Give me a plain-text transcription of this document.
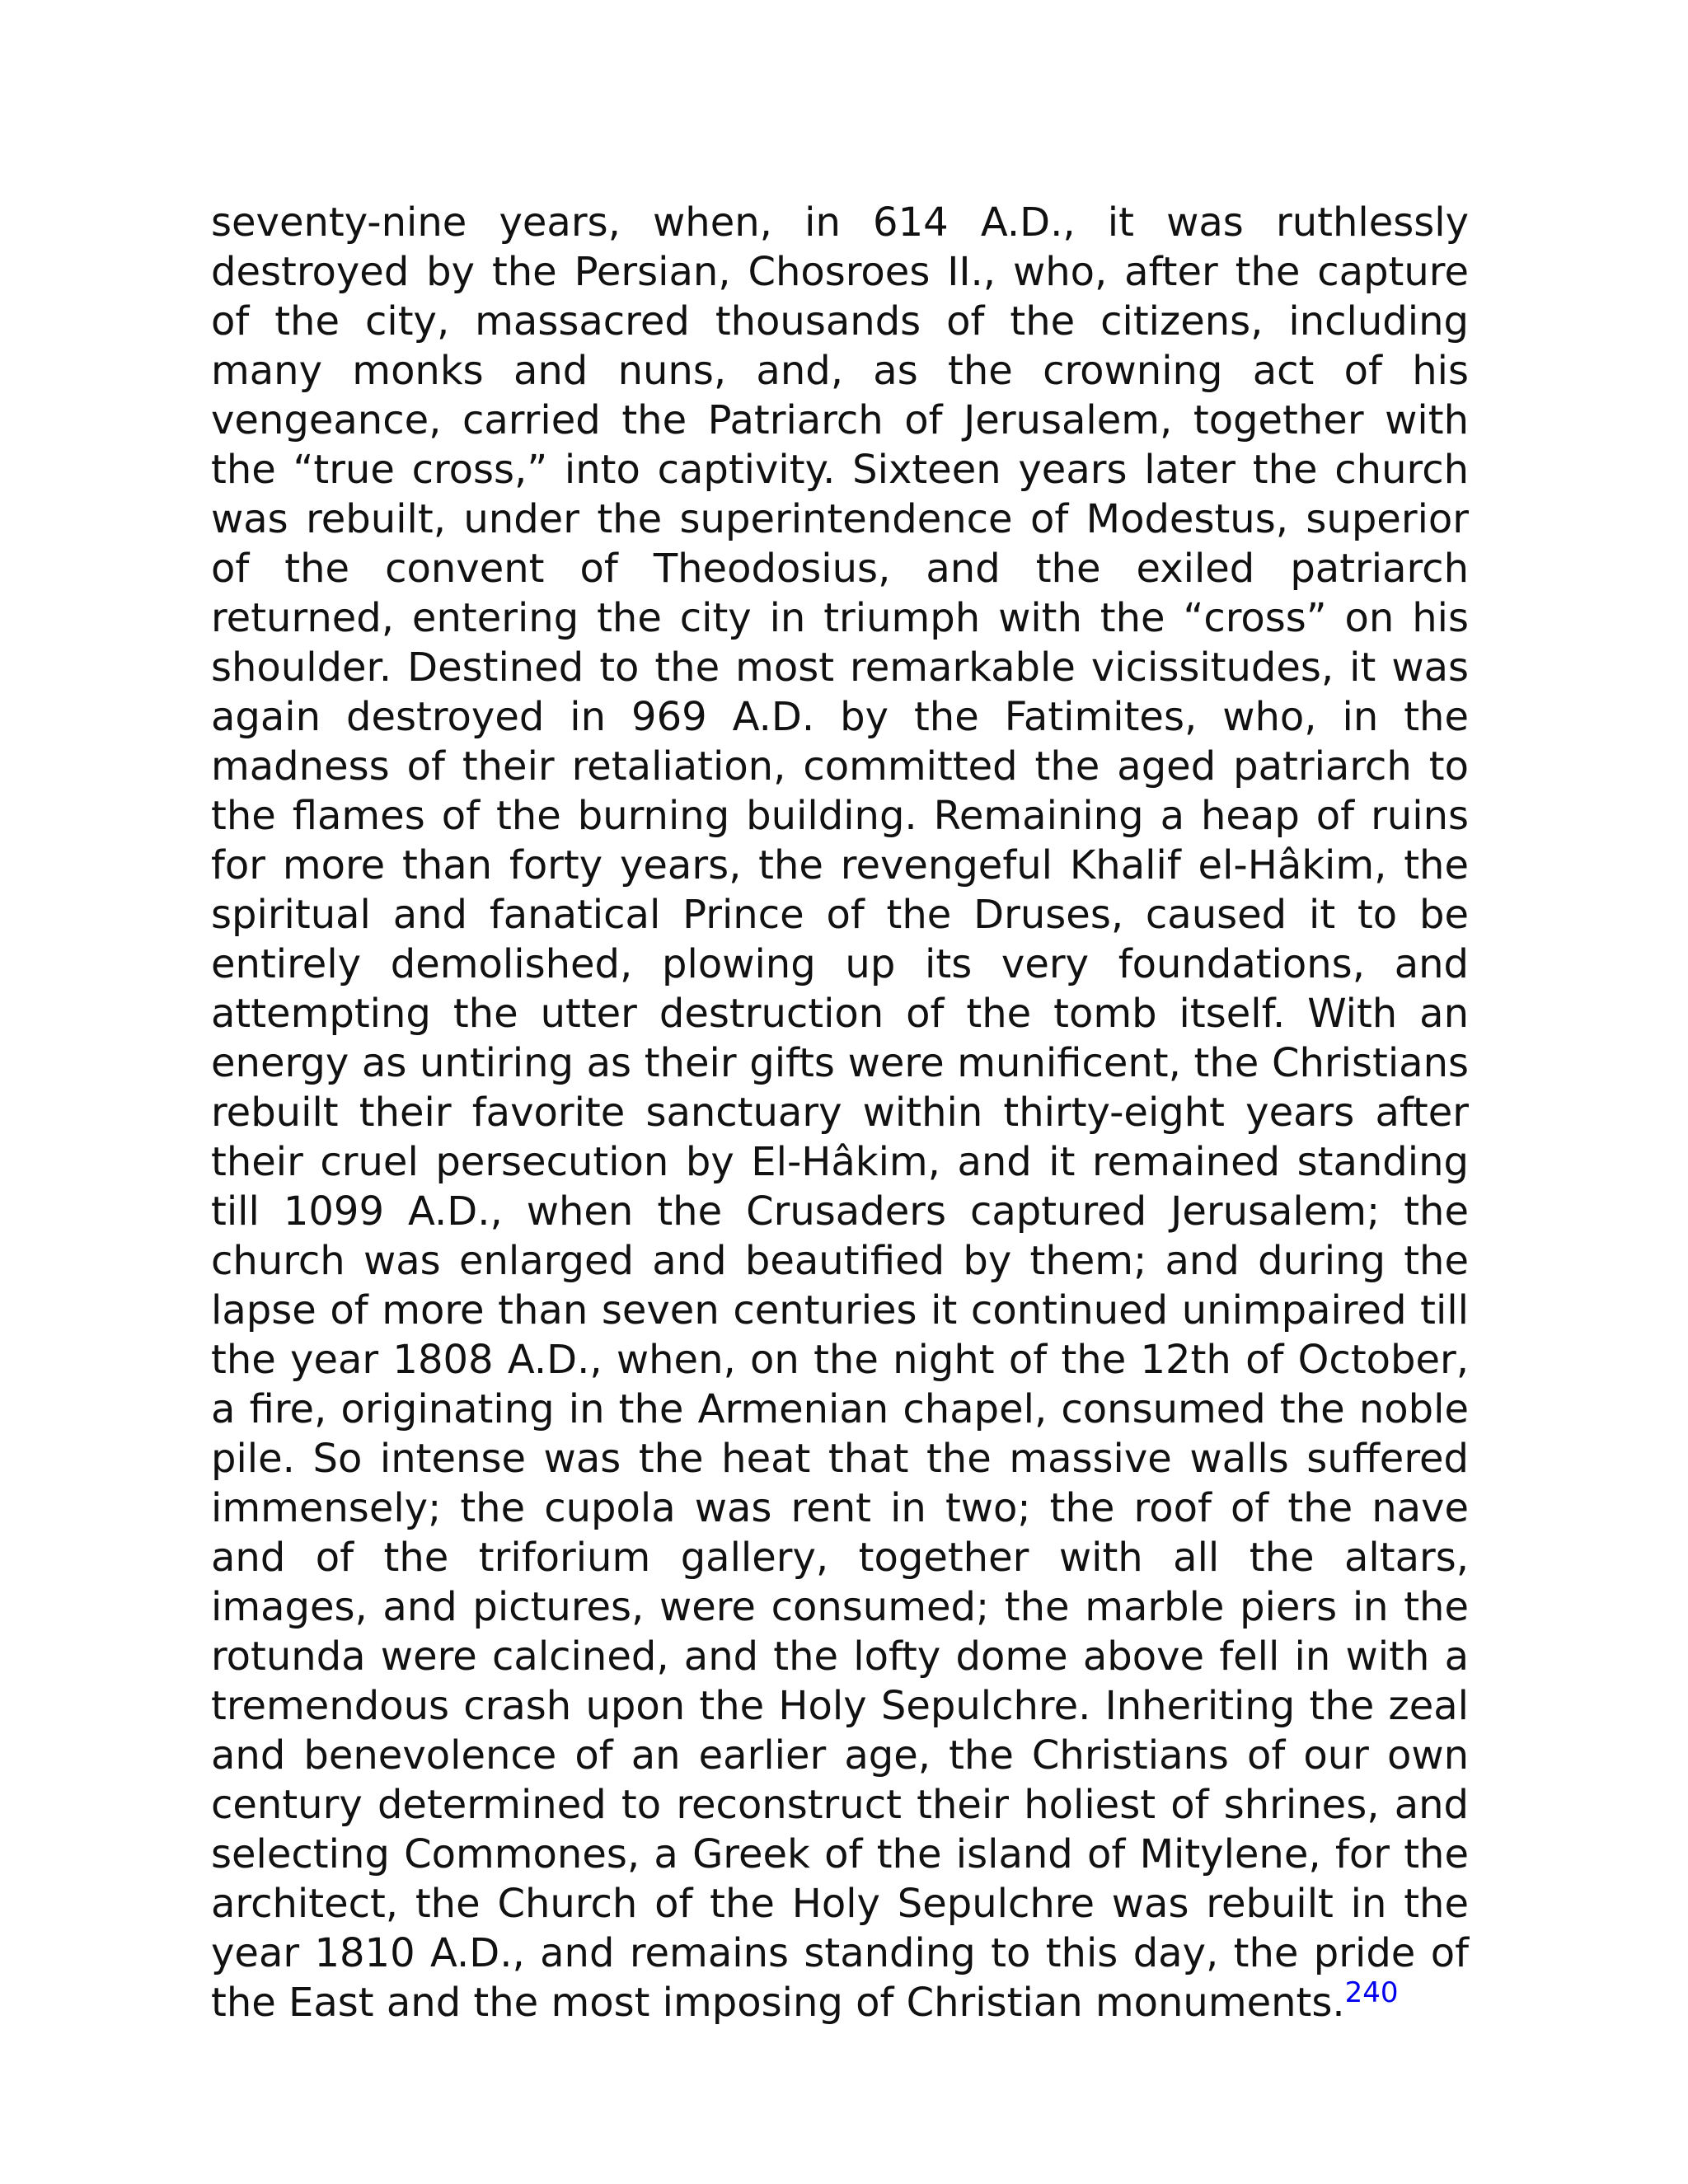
seventy-nine years, when, in 614 A.D., it was ruthlessly destroyed by the Persian, Chosroes II., who, after the capture of the city, massacred thousands of the citizens, including many monks and nuns, and, as the crowning act of his vengeance, carried the Patriarch of Jerusalem, together with the “true cross,” into captivity. Sixteen years later the church was rebuilt, under the superintendence of Modestus, superior of the convent of Theodosius, and the exiled patriarch returned, entering the city in triumph with the “cross” on his shoulder. Destined to the most remarkable vicissitudes, it was again destroyed in 969 A.D. by the Fatimites, who, in the madness of their retaliation, committed the aged patriarch to the flames of the burning building. Remaining a heap of ruins for more than forty years, the revengeful Khalif el-Hâkim, the spiritual and fanatical Prince of the Druses, caused it to be entirely demolished, plowing up its very foundations, and attempting the utter destruction of the tomb itself. With an energy as untiring as their gifts were munificent, the Christians rebuilt their favorite sanctuary within thirty-eight years after their cruel persecution by El-Hâkim, and it remained standing till 1099 A.D., when the Crusaders captured Jerusalem; the church was enlarged and beautified by them; and during the lapse of more than seven centuries it continued unimpaired till the year 1808 A.D., when, on the night of the 12th of October, a fire, originating in the Armenian chapel, consumed the noble pile. So intense was the heat that the massive walls suffered immensely; the cupola was rent in two; the roof of the nave and of the triforium gallery, together with all the altars, images, and pictures, were consumed; the marble piers in the rotunda were calcined, and the lofty dome above fell in with a tremendous crash upon the Holy Sepulchre. Inheriting the zeal and benevolence of an earlier age, the Christians of our own century determined to reconstruct their holiest of shrines, and selecting Commones, a Greek of the island of Mitylene, for the architect, the Church of the Holy Sepulchre was rebuilt in the year 1810 A.D., and remains standing to this day, the pride of the East and the most imposing of Christian monuments.$^{240}$
